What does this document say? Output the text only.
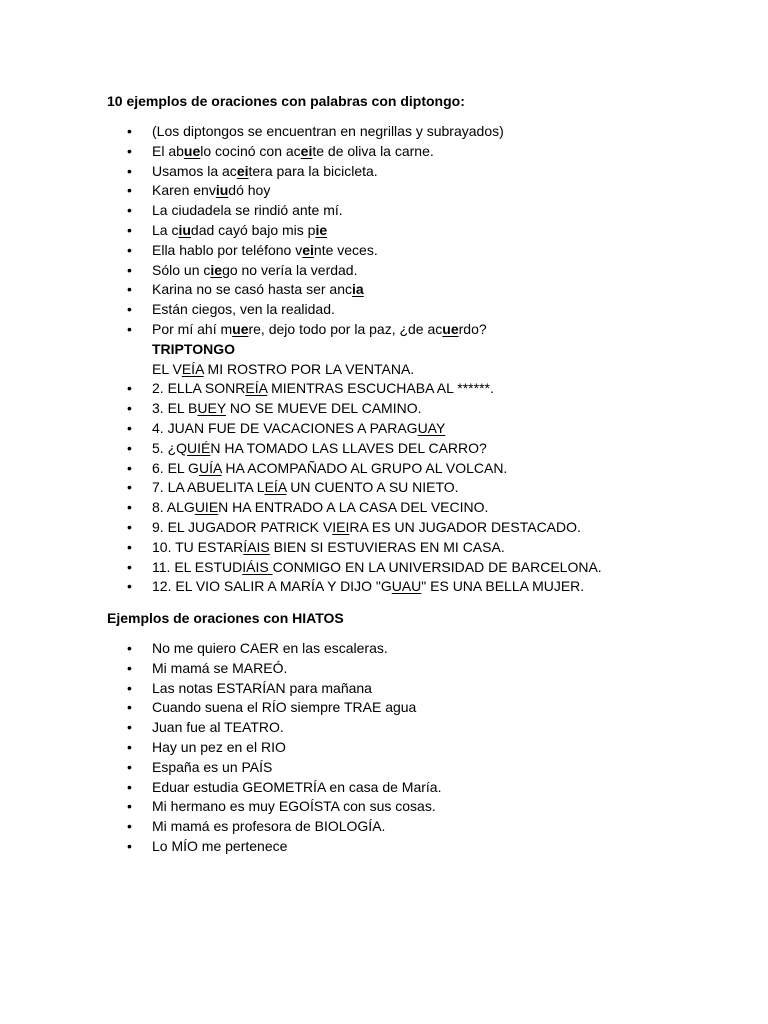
10 ejemplos de oraciones con palabras con diptongo:
• (Los diptongos se encuentran en negrillas y subrayados)
• El abuelo cocinó con aceite de oliva la carne.
• Usamos la aceitera para la bicicleta.
• Karen enviudó hoy
• La ciudadela se rindió ante mí.
• La ciudad cayó bajo mis pie
• Ella hablo por teléfono veinte veces.
• Sólo un ciego no vería la verdad.
• Karina no se casó hasta ser ancia
• Están ciegos, ven la realidad.
• Por mí ahí muere, dejo todo por la paz, ¿de acuerdo?
TRIPTONGO
EL VEÍA MI ROSTRO POR LA VENTANA.
• 2. ELLA SONREÍA MIENTRAS ESCUCHABA AL ******.
• 3. EL BUEY NO SE MUEVE DEL CAMINO.
• 4. JUAN FUE DE VACACIONES A PARAGUAY
• 5. ¿QUIÉN HA TOMADO LAS LLAVES DEL CARRO?
• 6. EL GUÍA HA ACOMPAÑADO AL GRUPO AL VOLCAN.
• 7. LA ABUELITA LEÍA UN CUENTO A SU NIETO.
• 8. ALGUIEN HA ENTRADO A LA CASA DEL VECINO.
• 9. EL JUGADOR PATRICK VIEIRA ES UN JUGADOR DESTACADO.
• 10. TU ESTARÍAIS BIEN SI ESTUVIERAS EN MI CASA.
• 11. EL ESTUDIÁIS CONMIGO EN LA UNIVERSIDAD DE BARCELONA.
• 12. EL VIO SALIR A MARÍA Y DIJO "GUAU" ES UNA BELLA MUJER.
Ejemplos de oraciones con HIATOS
• No me quiero CAER en las escaleras.
• Mi mamá se MAREÓ.
• Las notas ESTARÍAN para mañana
• Cuando suena el RÍO siempre TRAE agua
• Juan fue al TEATRO.
• Hay un pez en el RIO
• España es un PAÍS
• Eduar estudia GEOMETRÍA en casa de María.
• Mi hermano es muy EGOÍSTA con sus cosas.
• Mi mamá es profesora de BIOLOGÍA.
• Lo MÍO me pertenece
